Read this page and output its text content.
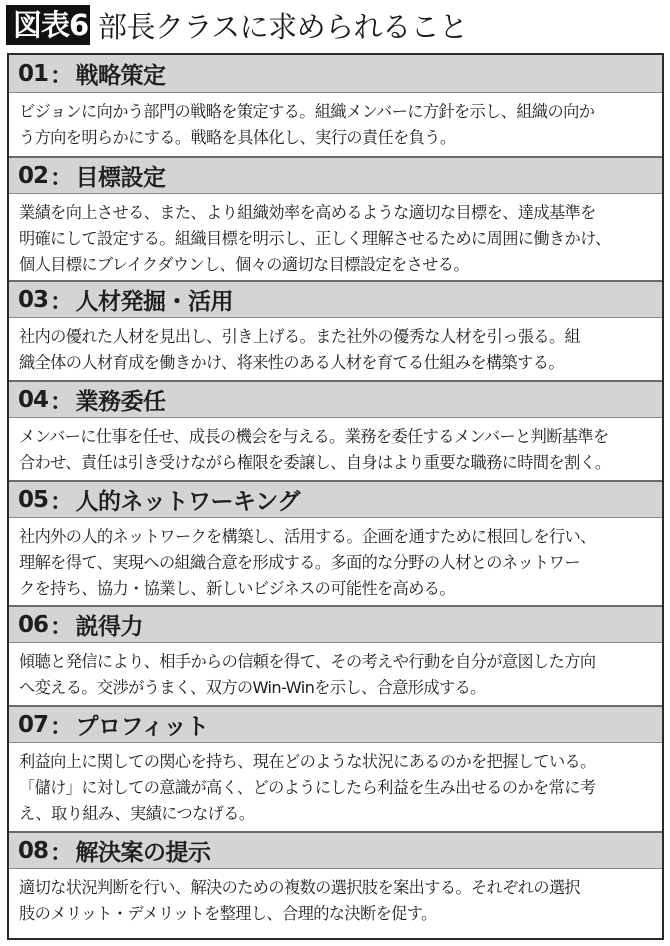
図表6 部長クラスに求められること
01 ： 戦略策定
ビジョンに向かう部門の戦略を策定する。組織メンバーに方針を示し、組織の向か
う方向を明らかにする。戦略を具体化し、実行の責任を負う。
02 ： 目標設定
業績を向上させる、また、より組織効率を高めるような適切な目標を、達成基準を
明確にして設定する。組織目標を明示し、正しく理解させるために周囲に働きかけ、
個人目標にブレイクダウンし、個々の適切な目標設定をさせる。
03 ： 人材発掘・活用
社内の優れた人材を見出し、引き上げる。また社外の優秀な人材を引っ張る。組
織全体の人材育成を働きかけ、将来性のある人材を育てる仕組みを構築する。
04 ： 業務委任
メンバーに仕事を任せ、成長の機会を与える。業務を委任するメンバーと判断基準を
合わせ、責任は引き受けながら権限を委譲し、自身はより重要な職務に時間を割く。
05 ： 人的ネットワーキング
社内外の人的ネットワークを構築し、活用する。企画を通すために根回しを行い、
理解を得て、実現への組織合意を形成する。多面的な分野の人材とのネットワー
クを持ち、協力・協業し、新しいビジネスの可能性を高める。
06 ： 説得力
傾聴と発信により、相手からの信頼を得て、その考えや行動を自分が意図した方向
へ変える。交渉がうまく、双方のWin-Winを示し、合意形成する。
07 ： プロフィット
利益向上に関しての関心を持ち、現在どのような状況にあるのかを把握している。
「儲け」に対しての意識が高く、どのようにしたら利益を生み出せるのかを常に考
え、取り組み、実績につなげる。
08 ： 解決案の提示
適切な状況判断を行い、解決のための複数の選択肢を案出する。それぞれの選択
肢のメリット・デメリットを整理し、合理的な決断を促す。
